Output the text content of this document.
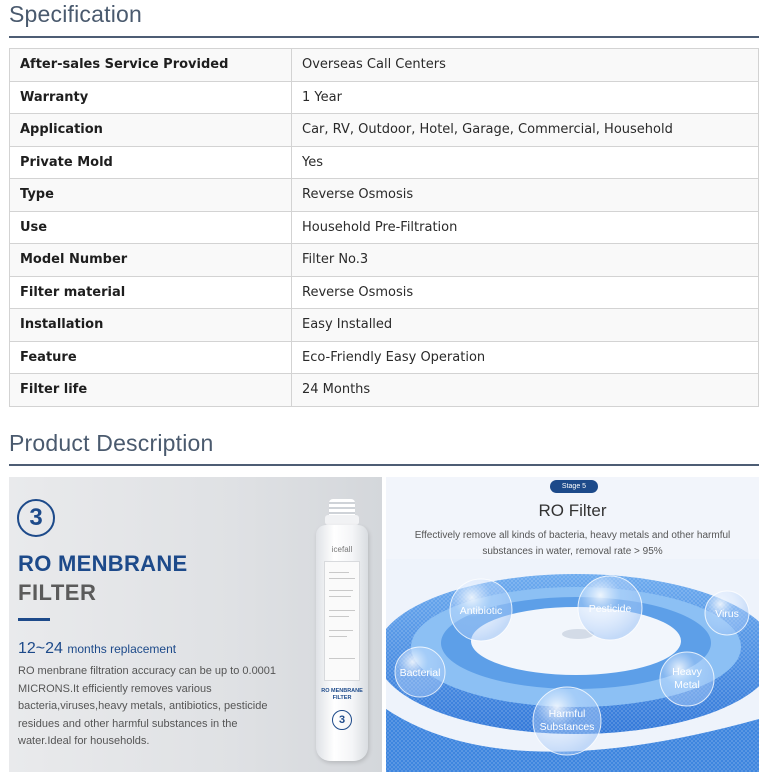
Specification
After-sales Service Provided	Overseas Call Centers
Warranty	1 Year
Application	Car, RV, Outdoor, Hotel, Garage, Commercial, Household
Private Mold	Yes
Type	Reverse Osmosis
Use	Household Pre-Filtration
Model Number	Filter No.3
Filter material	Reverse Osmosis
Installation	Easy Installed
Feature	Eco-Friendly Easy Operation
Filter life	24 Months
Product Description
3
RO MENBRANE
FILTER
12~24 months replacement
RO menbrane filtration accuracy can be up to 0.0001 MICRONS.It efficiently removes various bacteria,viruses,heavy metals, antibiotics, pesticide residues and other harmful substances in the water.Ideal for households.
icefall
RO MENBRANE FILTER
3
Stage 5
RO Filter
Effectively remove all kinds of bacteria, heavy metals and other harmful substances in water, removal rate > 95%
Antibiotic	Pesticide	Virus
Bacterial	Heavy Metal
Harmful Substances
